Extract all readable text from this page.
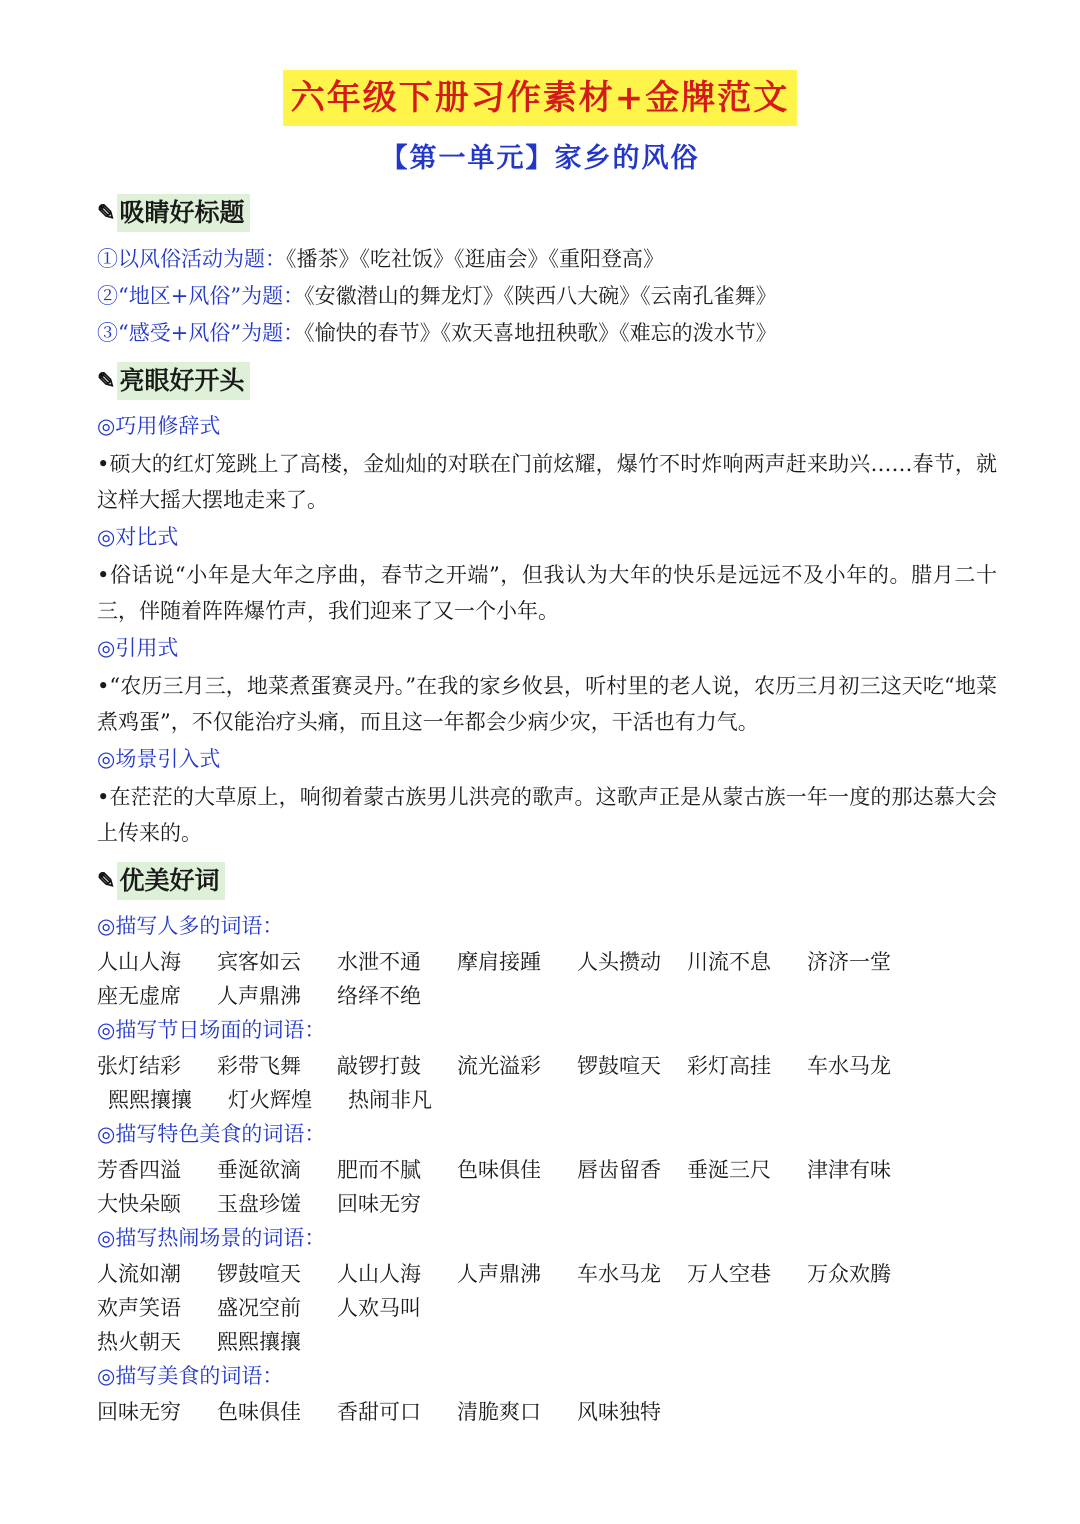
六年级下册习作素材+金牌范文
【第一单元】家乡的风俗
✎ 吸睛好标题
①以风俗活动为题：《播茶》《吃社饭》《逛庙会》《重阳登高》
②“地区+风俗”为题：《安徽潜山的舞龙灯》《陕西八大碗》《云南孔雀舞》
③“感受+风俗”为题：《愉快的春节》《欢天喜地扭秧歌》《难忘的泼水节》
✎ 亮眼好开头
◎巧用修辞式
•硕大的红灯笼跳上了高楼，金灿灿的对联在门前炫耀，爆竹不时炸响两声赶来助兴……春节，就这样大摇大摆地走来了。
◎对比式
•俗话说“小年是大年之序曲，春节之开端”，但我认为大年的快乐是远远不及小年的。腊月二十三，伴随着阵阵爆竹声，我们迎来了又一个小年。
◎引用式
•“农历三月三，地菜煮蛋赛灵丹。”在我的家乡攸县，听村里的老人说，农历三月初三这天吃“地菜煮鸡蛋”，不仅能治疗头痛，而且这一年都会少病少灾，干活也有力气。
◎场景引入式
•在茫茫的大草原上，响彻着蒙古族男儿洪亮的歌声。这歌声正是从蒙古族一年一度的那达慕大会上传来的。
✎ 优美好词
◎描写人多的词语：
人山人海 宾客如云 水泄不通 摩肩接踵 人头攒动 川流不息 济济一堂
座无虚席 人声鼎沸 络绎不绝
◎描写节日场面的词语：
张灯结彩 彩带飞舞 敲锣打鼓 流光溢彩 锣鼓喧天 彩灯高挂 车水马龙
熙熙攘攘 灯火辉煌 热闹非凡
◎描写特色美食的词语：
芳香四溢 垂涎欲滴 肥而不腻 色味俱佳 唇齿留香 垂涎三尺 津津有味
大快朵颐 玉盘珍馐 回味无穷
◎描写热闹场景的词语：
人流如潮 锣鼓喧天 人山人海 人声鼎沸 车水马龙 万人空巷 万众欢腾
欢声笑语 盛况空前 人欢马叫
热火朝天 熙熙攘攘
◎描写美食的词语：
回味无穷 色味俱佳 香甜可口 清脆爽口 风味独特
